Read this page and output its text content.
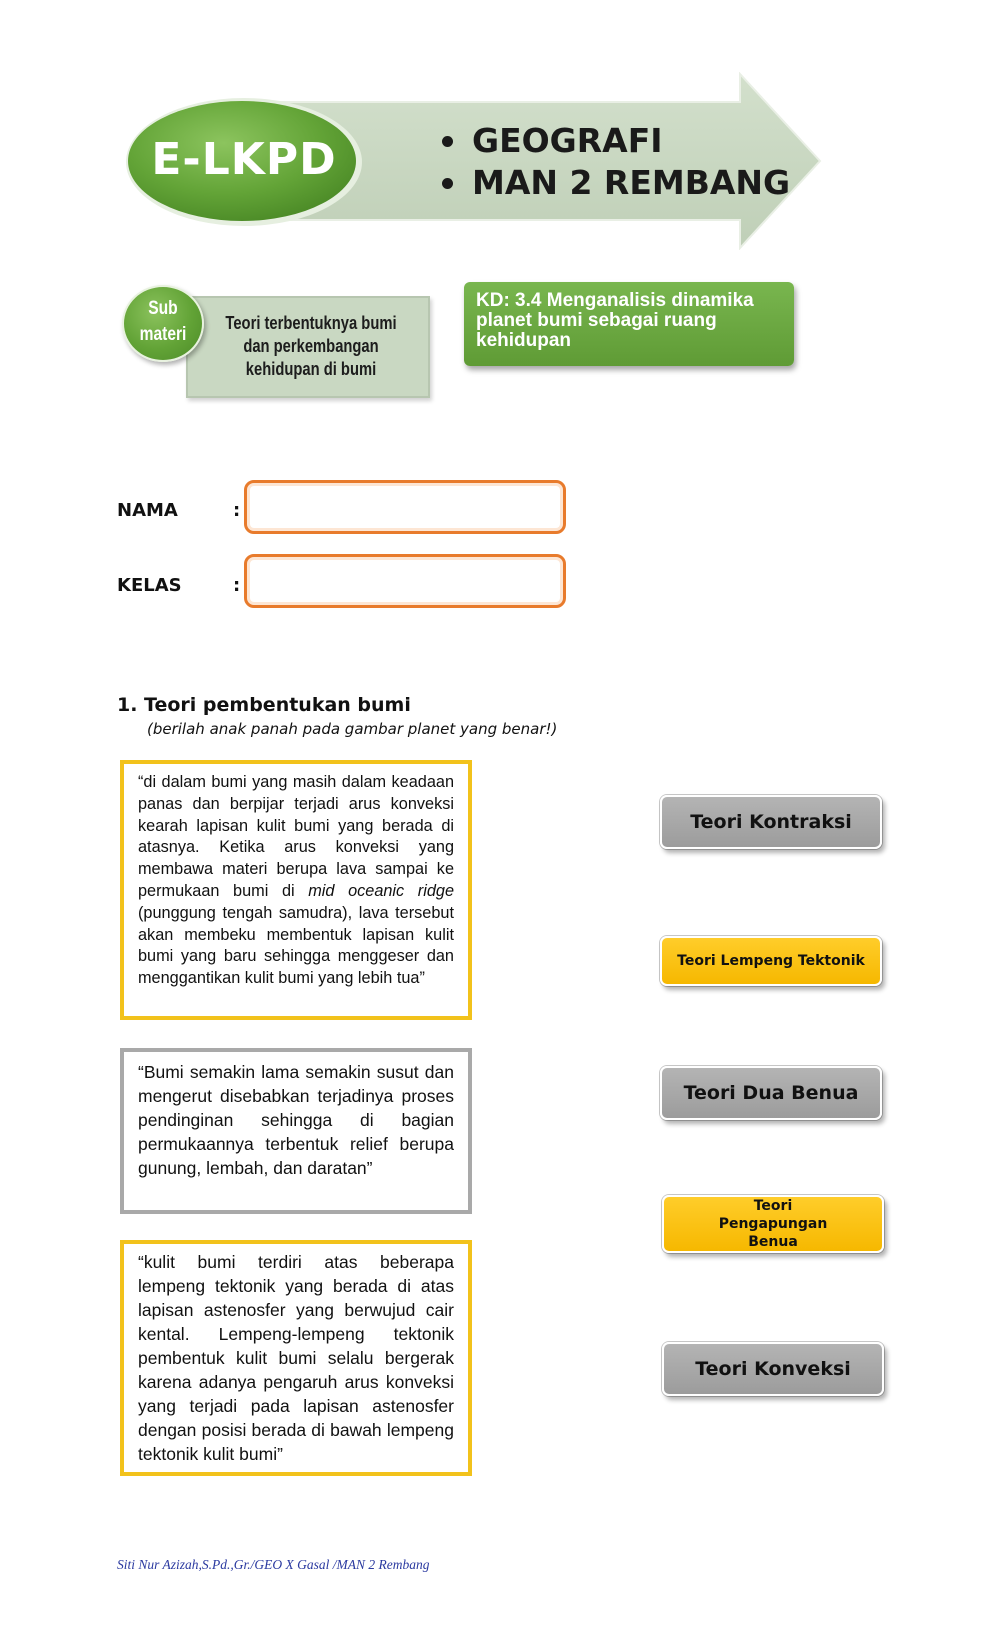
E-LKPD	GEOGRAFI
MAN 2 REMBANG
Teori terbentuknya bumi dan perkembangan kehidupan di bumi
Sub materi
KD: 3.4 Menganalisis dinamika planet bumi sebagai ruang kehidupan
NAMA	:
KELAS	:
1. Teori pembentukan bumi
(berilah anak panah pada gambar planet yang benar!)
“di dalam bumi yang masih dalam keadaan panas dan berpijar terjadi arus konveksi kearah lapisan kulit bumi yang berada di atasnya. Ketika arus konveksi yang membawa materi berupa lava sampai ke permukaan bumi di mid oceanic ridge (punggung tengah samudra), lava tersebut akan membeku membentuk lapisan kulit bumi yang baru sehingga menggeser dan menggantikan kulit bumi yang lebih tua”
“Bumi semakin lama semakin susut dan mengerut disebabkan terjadinya proses pendinginan sehingga di bagian permukaannya terbentuk relief berupa gunung, lembah, dan daratan”
“kulit bumi terdiri atas beberapa lempeng tektonik yang berada di atas lapisan astenosfer yang berwujud cair kental. Lempeng-lempeng tektonik pembentuk kulit bumi selalu bergerak karena adanya pengaruh arus konveksi yang terjadi pada lapisan astenosfer dengan posisi berada di bawah lempeng tektonik kulit bumi”
Teori Kontraksi
Teori Lempeng Tektonik
Teori Dua Benua
Teori Pengapungan Benua
Teori Konveksi
Siti Nur Azizah,S.Pd.,Gr./GEO X Gasal /MAN 2 Rembang
